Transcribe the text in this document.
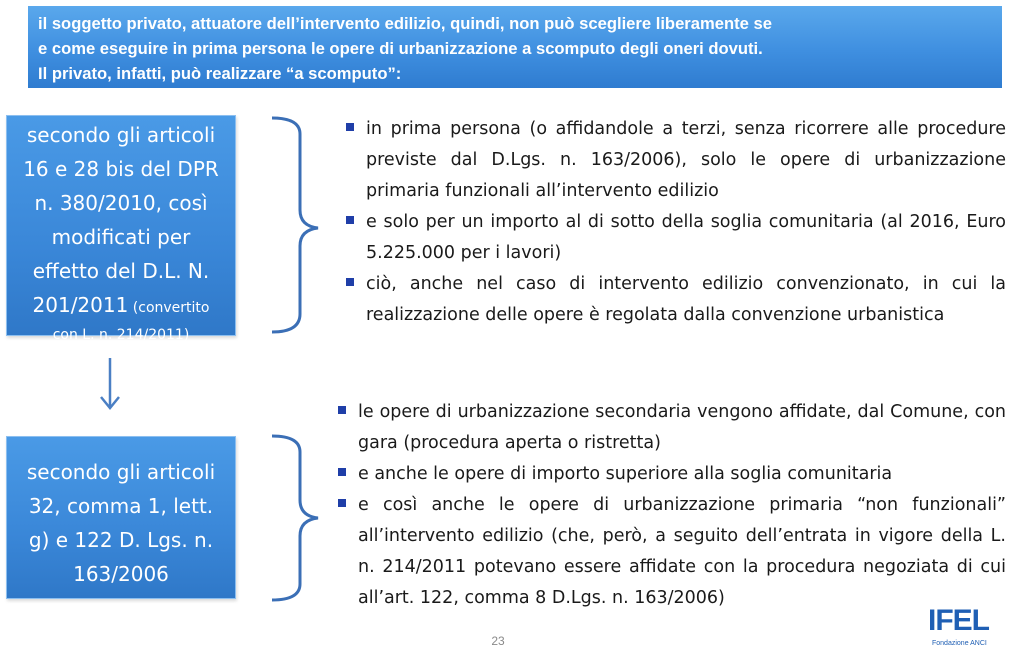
il soggetto privato, attuatore dell’intervento edilizio, quindi, non può scegliere liberamente se
e come eseguire in prima persona le opere di urbanizzazione a scomputo degli oneri dovuti.
Il privato, infatti, può realizzare “a scomputo”:
secondo gli articoli
16 e 28 bis del DPR
n. 380/2010, così
modificati per
effetto del D.L. N.
201/2011 (convertito
con L. n. 214/2011)
secondo gli articoli
32, comma 1, lett.
g) e 122 D. Lgs. n.
163/2006

in prima persona (o affidandole a terzi, senza ricorrere alle procedure previste dal D.Lgs. n. 163/2006), solo le opere di urbanizzazione primaria funzionali all’intervento edilizio

e solo per un importo al di sotto della soglia comunitaria (al 2016, Euro 5.225.000 per i lavori)

ciò, anche nel caso di intervento edilizio convenzionato, in cui la realizzazione delle opere è regolata dalla convenzione urbanistica

le opere di urbanizzazione secondaria vengono affidate, dal Comune, con gara (procedura aperta o ristretta)

e anche le opere di importo superiore alla soglia comunitaria

e così anche le opere di urbanizzazione primaria “non funzionali” all’intervento edilizio (che, però, a seguito dell’entrata in vigore della L. n. 214/2011 potevano essere affidate con la procedura negoziata di cui all’art. 122, comma 8 D.Lgs. n. 163/2006)

23
IFEL
Fondazione ANCI
